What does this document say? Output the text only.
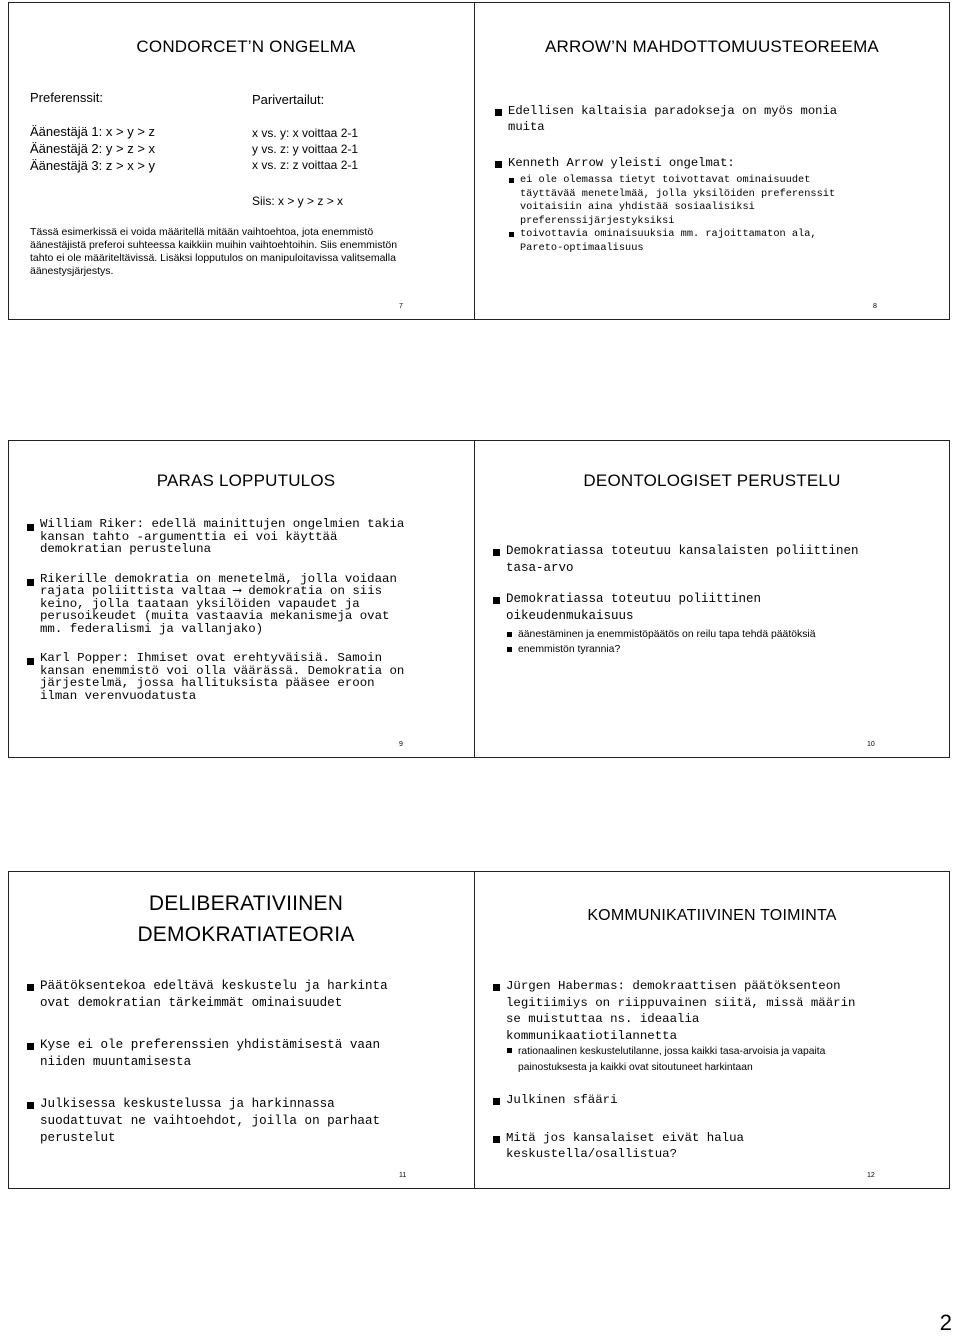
CONDORCET’N ONGELMA

Preferenssit:

Äänestäjä 1: x > y > z
Äänestäjä 2: y > z > x
Äänestäjä 3: z > x > y

Parivertailut:

x vs. y: x voittaa 2-1
y vs. z: y voittaa 2-1
x vs. z: z voittaa 2-1

Siis: x > y > z > x

Tässä esimerkissä ei voida määritellä mitään vaihtoehtoa, jota enemmistö äänestäjistä preferoi suhteessa kaikkiin muihin vaihtoehtoihin. Siis enemmistön tahto ei ole määriteltävissä. Lisäksi lopputulos on manipuloitavissa valitsemalla äänestysjärjestys.

7
ARROW’N MAHDOTTOMUUSTEOREEMA
Edellisen kaltaisia paradokseja on myös monia muita
Kenneth Arrow yleisti ongelmat:
ei ole olemassa tietyt toivottavat ominaisuudet täyttävää menetelmää, jolla yksilöiden preferenssit voitaisiin aina yhdistää sosiaalisiksi preferenssijärjestyksiksi
toivottavia ominaisuuksia mm. rajoittamaton ala, Pareto-optimaalisuus
8
PARAS LOPPUTULOS
William Riker: edellä mainittujen ongelmien takia kansan tahto -argumenttia ei voi käyttää demokratian perusteluna
Rikerille demokratia on menetelmä, jolla voidaan rajata poliittista valtaa ⟶ demokratia on siis keino, jolla taataan yksilöiden vapaudet ja perusoikeudet (muita vastaavia mekanismeja ovat mm. federalismi ja vallanjako)
Karl Popper: Ihmiset ovat erehtyväisiä. Samoin kansan enemmistö voi olla väärässä. Demokratia on järjestelmä, jossa hallituksista pääsee eroon ilman verenvuodatusta
9
DEONTOLOGISET PERUSTELU
Demokratiassa toteutuu kansalaisten poliittinen tasa-arvo
Demokratiassa toteutuu poliittinen oikeudenmukaisuus
äänestäminen ja enemmistöpäätös on reilu tapa tehdä päätöksiä
enemmistön tyrannia?
10
DELIBERATIVIINEN
DEMOKRATIATEORIA
Päätöksentekoa edeltävä keskustelu ja harkinta ovat demokratian tärkeimmät ominaisuudet
Kyse ei ole preferenssien yhdistämisestä vaan niiden muuntamisesta
Julkisessa keskustelussa ja harkinnassa suodattuvat ne vaihtoehdot, joilla on parhaat perustelut
11
KOMMUNIKATIIVINEN TOIMINTA
Jürgen Habermas: demokraattisen päätöksenteon legitiimiys on riippuvainen siitä, missä määrin se muistuttaa ns. ideaalia kommunikaatiotilannetta
rationaalinen keskustelutilanne, jossa kaikki tasa-arvoisia ja vapaita painostuksesta ja kaikki ovat sitoutuneet harkintaan
Julkinen sfääri
Mitä jos kansalaiset eivät halua keskustella/osallistua?
12
2
